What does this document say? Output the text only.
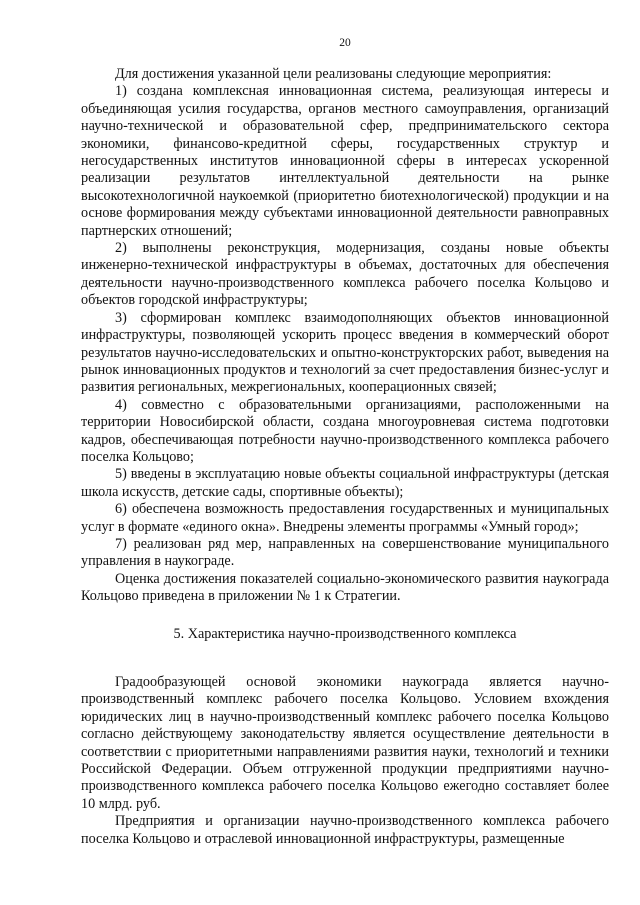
20

Для достижения указанной цели реализованы следующие мероприятия:

1) создана комплексная инновационная система, реализующая интересы и объединяющая усилия государства, органов местного самоуправления, организаций научно-технической и образовательной сфер, предпринимательского сектора экономики, финансово-кредитной сферы, государственных структур и негосударственных институтов инновационной сферы в интересах ускоренной реализации результатов интеллектуальной деятельности на рынке высокотехнологичной наукоемкой (приоритетно биотехнологической) продукции и на основе формирования между субъектами инновационной деятельности равноправных партнерских отношений;

2) выполнены реконструкция, модернизация, созданы новые объекты инженерно-технической инфраструктуры в объемах, достаточных для обеспечения деятельности научно-производственного комплекса рабочего поселка Кольцово и объектов городской инфраструктуры;

3) сформирован комплекс взаимодополняющих объектов инновационной инфраструктуры, позволяющей ускорить процесс введения в коммерческий оборот результатов научно-исследовательских и опытно-конструкторских работ, выведения на рынок инновационных продуктов и технологий за счет предоставления бизнес-услуг и развития региональных, межрегиональных, кооперационных связей;

4) совместно с образовательными организациями, расположенными на территории Новосибирской области, создана многоуровневая система подготовки кадров, обеспечивающая потребности научно-производственного комплекса рабочего поселка Кольцово;

5) введены в эксплуатацию новые объекты социальной инфраструктуры (детская школа искусств, детские сады, спортивные объекты);

6) обеспечена возможность предоставления государственных и муниципальных услуг в формате «единого окна». Внедрены элементы программы «Умный город»;

7) реализован ряд мер, направленных на совершенствование муниципального управления в наукограде.

Оценка достижения показателей социально-экономического развития наукограда Кольцово приведена в приложении № 1 к Стратегии.

5. Характеристика научно-производственного комплекса

Градообразующей основой экономики наукограда является научно-производственный комплекс рабочего поселка Кольцово. Условием вхождения юридических лиц в научно-производственный комплекс рабочего поселка Кольцово согласно действующему законодательству является осуществление деятельности в соответствии с приоритетными направлениями развития науки, технологий и техники Российской Федерации. Объем отгруженной продукции предприятиями научно-производственного комплекса рабочего поселка Кольцово ежегодно составляет более 10 млрд. руб.

Предприятия и организации научно-производственного комплекса рабочего поселка Кольцово и отраслевой инновационной инфраструктуры, размещенные
